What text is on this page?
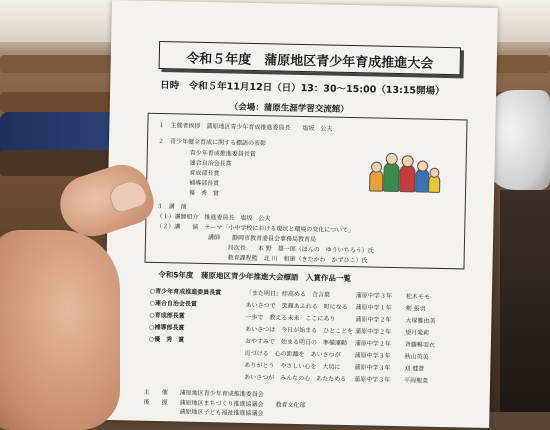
令和５年度　蒲原地区青少年育成推進大会
日時　令和５年11月12日（日）13：30～15:00（13:15開場）
（会場：蒲原生涯学習交流館）
１　主催者挨拶　蒲原地区青少年育成推進委員長　　塩坂　公夫
２　青少年健全育成に関する標語の表彰
青少年育成推進委員長賞
連合自治会長賞
育成部長賞
補導部長賞
優　秀　賞
３　講　演
（１）講師紹介　推進委員長　塩坂　公夫
（２）講　　演　テーマ「小中学校における現状と環境の変化について」
講師　　静岡市教育委員会事務局教育局
局次長　　本 野　雄一郎（ほんの　ゆういちろう）氏
教育課程監　北 川　和康（きたかわ　かずひこ）氏
令和5年度　蒲原地区青少年推進大会標語　入賞作品一覧
○青少年育成推進委員長賞	「また明日」絆高める　合言葉	蒲原中学３年 松木モモ
○連合自治会長賞	あいさつで　笑顔あふれる　町になる 蒲原中学１年 剣 張羽
○育成部長賞	一歩で　教える未来　ここにあり	蒲原中学２年 大塚雅由美
○補導部長賞	あいさつは　今日が始まる　ひとことを 蒲原中学２年 望月愛莉
○優　秀　賞	おやすみで　始まる明日の　準備運動 蒲原中学２年 斉藤暢羽衣
近づける　心の距離を　あいさつが 蒲原中学３年 秋山英美
ありがとう　やさしい心を　大切に 蒲原中学３年 刈 健蒼
あいさつが　みんなの心　あたためる 蒲原中学３年 平岡聖菜
主　　催　　蒲原地区青少年育成推進委員会
後　　援　　蒲原地区まちづくり推進協議会　　教育文化部
　　　　　　蒲原地区子ども福祉推進協議会
